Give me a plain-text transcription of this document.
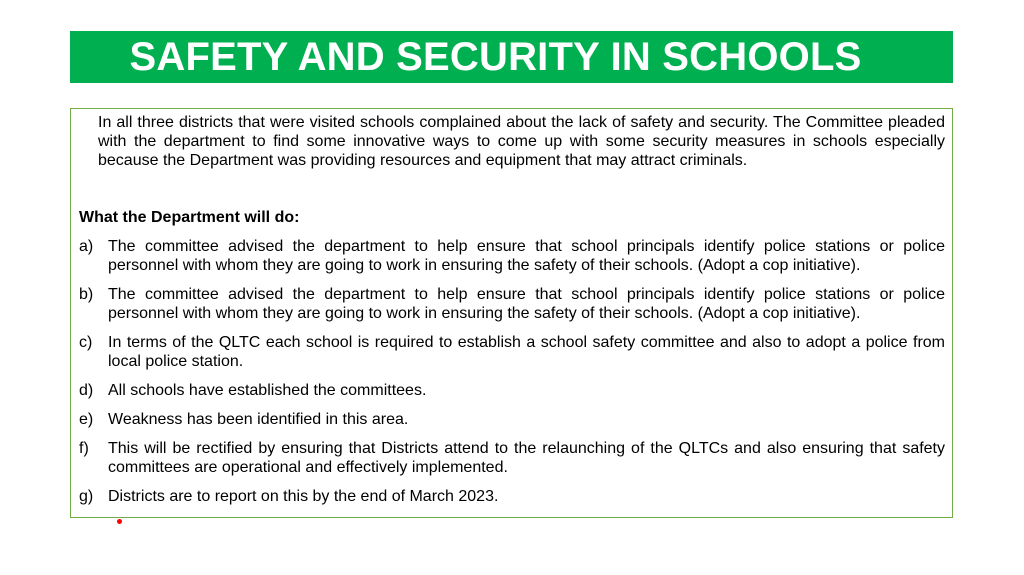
SAFETY AND SECURITY IN SCHOOLS

In all three districts that were visited schools complained about the lack of safety and security. The Committee pleaded with the department to find some innovative ways to come up with some security measures in schools especially because the Department was providing resources and equipment that may attract criminals.

What the Department will do:

a) The committee advised the department to help ensure that school principals identify police stations or police personnel with whom they are going to work in ensuring the safety of their schools. (Adopt a cop initiative).
b) The committee advised the department to help ensure that school principals identify police stations or police personnel with whom they are going to work in ensuring the safety of their schools. (Adopt a cop initiative).
c) In terms of the QLTC each school is required to establish a school safety committee and also to adopt a police from local police station.
d) All schools have established the committees.
e) Weakness has been identified in this area.
f) This will be rectified by ensuring that Districts attend to the relaunching of the QLTCs and also ensuring that safety committees are operational and effectively implemented.
g) Districts are to report on this by the end of March 2023.
